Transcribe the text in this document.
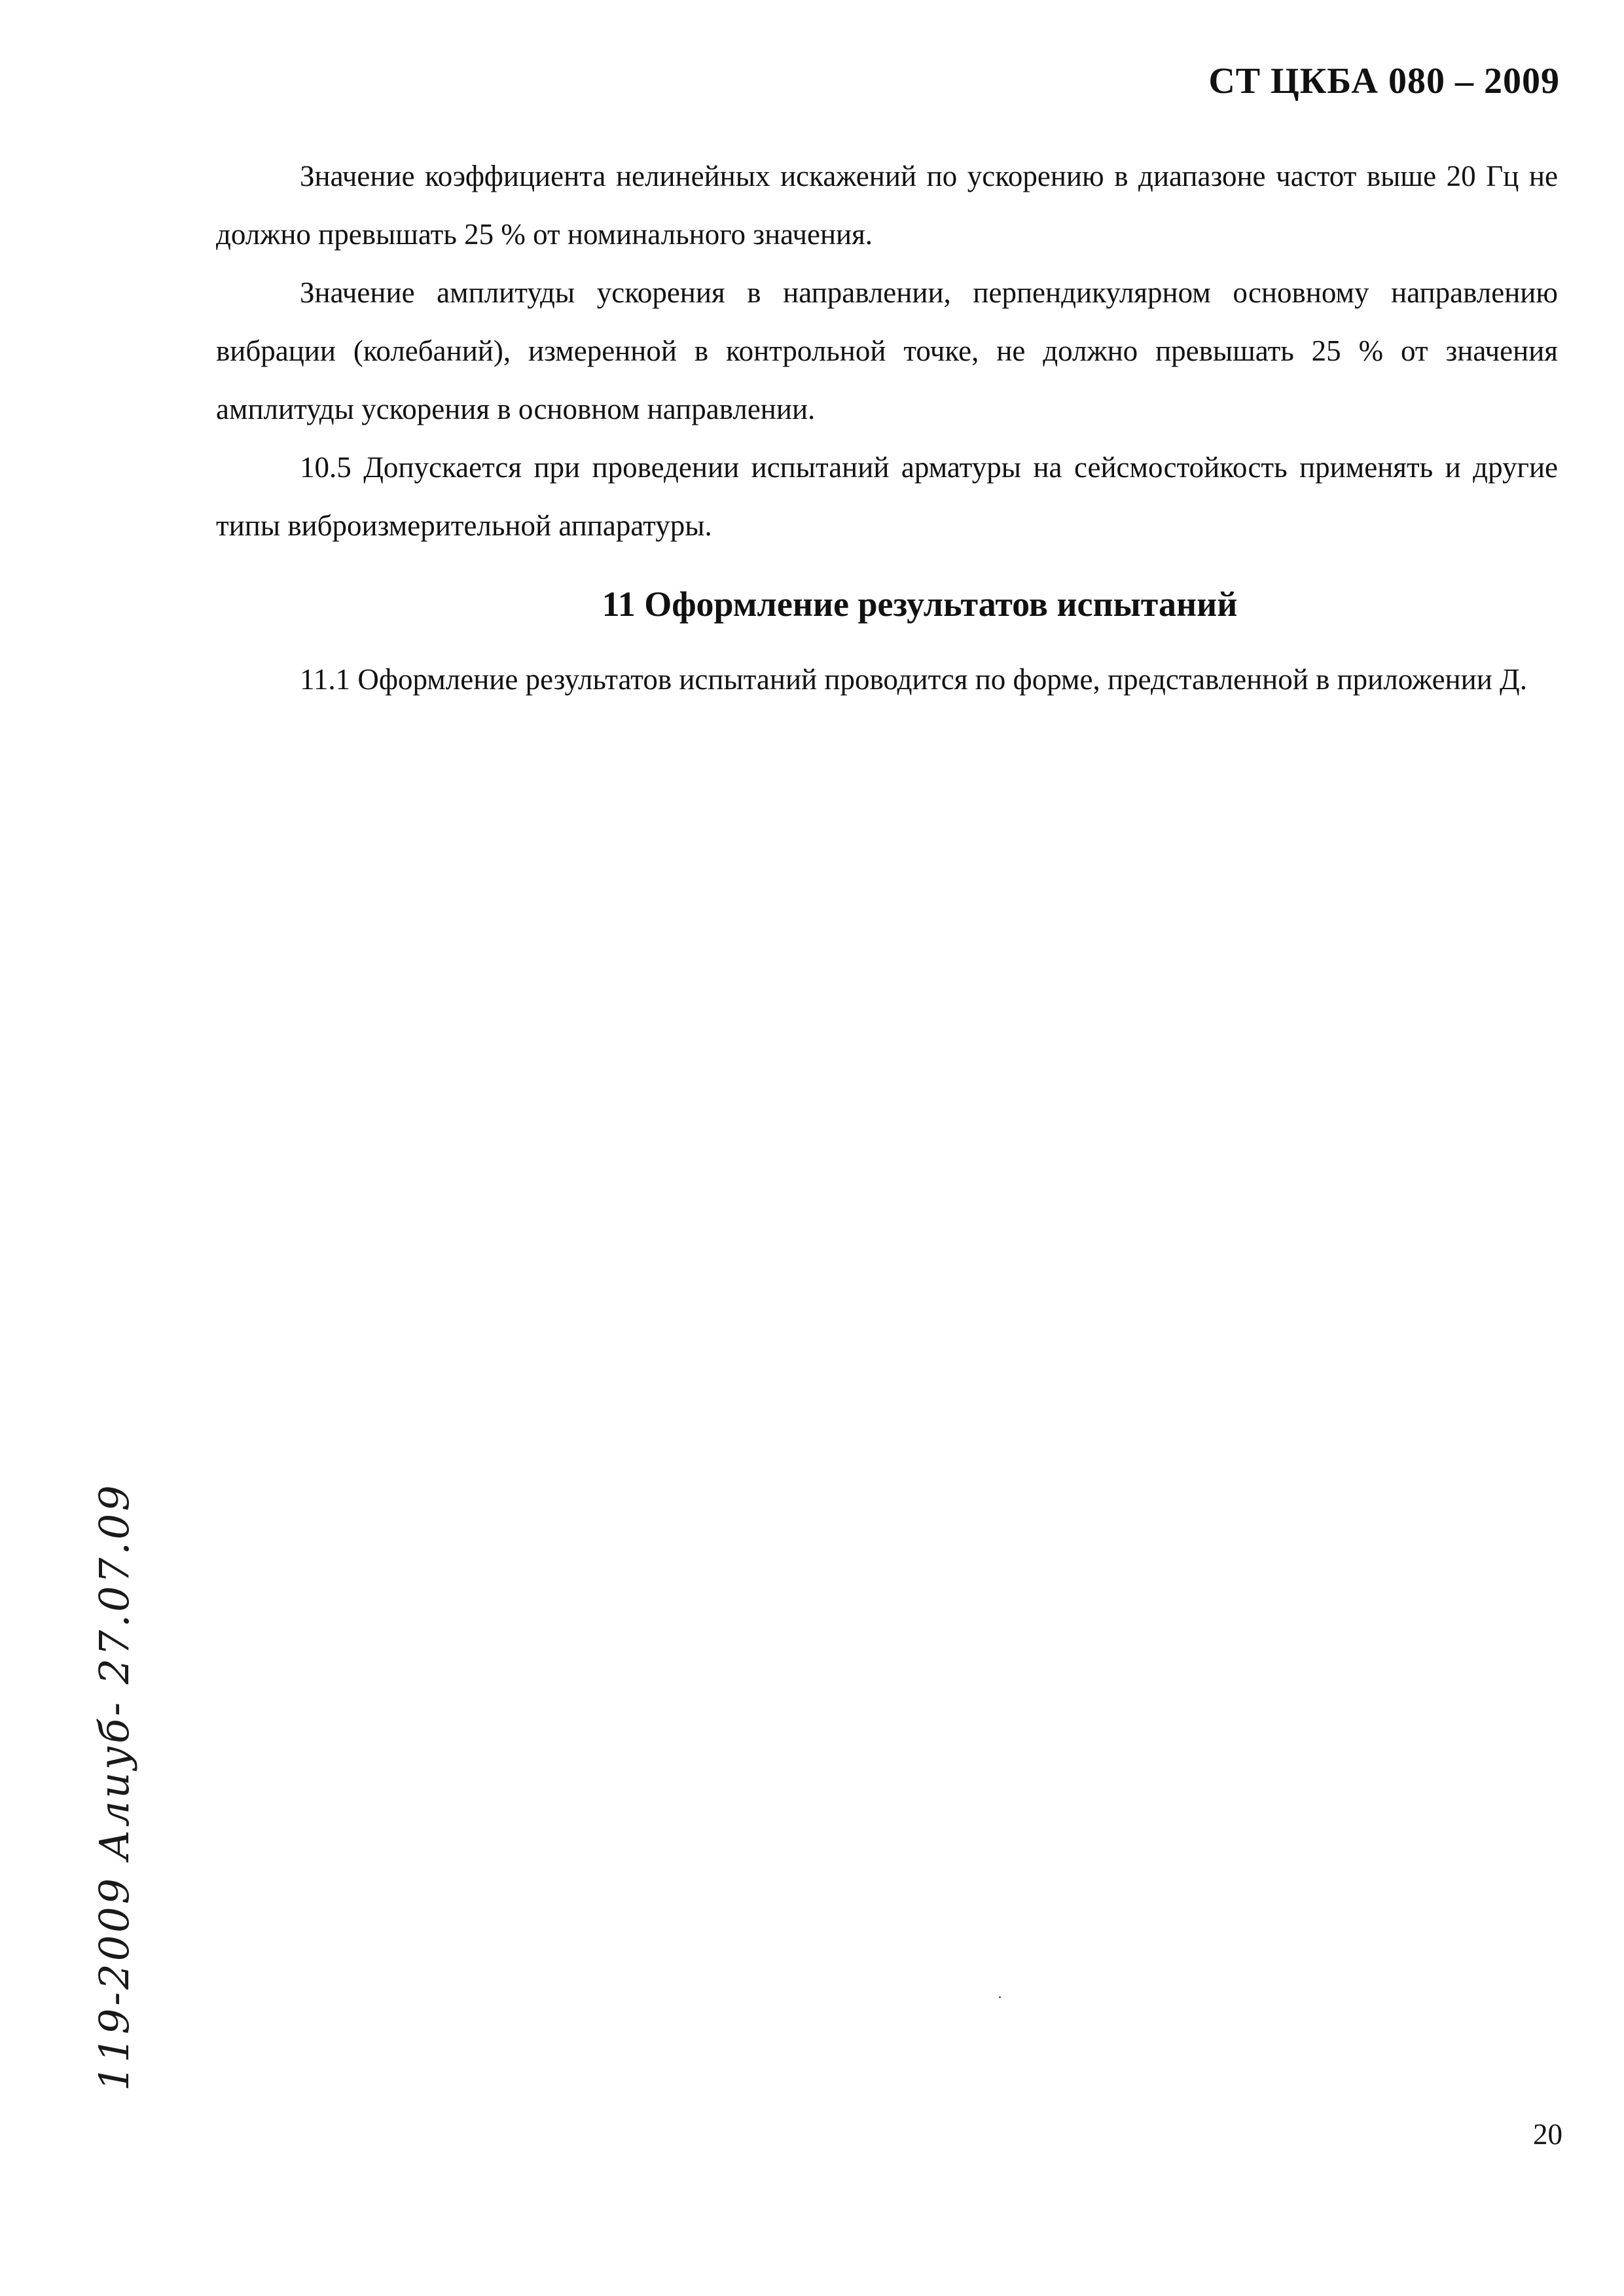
СТ ЦКБА 080 – 2009

Значение коэффициента нелинейных искажений по ускорению в диапазоне частот выше 20 Гц не должно превышать 25 % от номинального значения.

Значение амплитуды ускорения в направлении, перпендикулярном основному направлению вибрации (колебаний), измеренной в контрольной точке, не должно превышать 25 % от значения амплитуды ускорения в основном направлении.

10.5 Допускается при проведении испытаний арматуры на сейсмостойкость применять и другие типы виброизмерительной аппаратуры.

11 Оформление результатов испытаний

11.1 Оформление результатов испытаний проводится по форме, представленной в приложении Д.

119-2009 Алиуб- 27.07.09
20
